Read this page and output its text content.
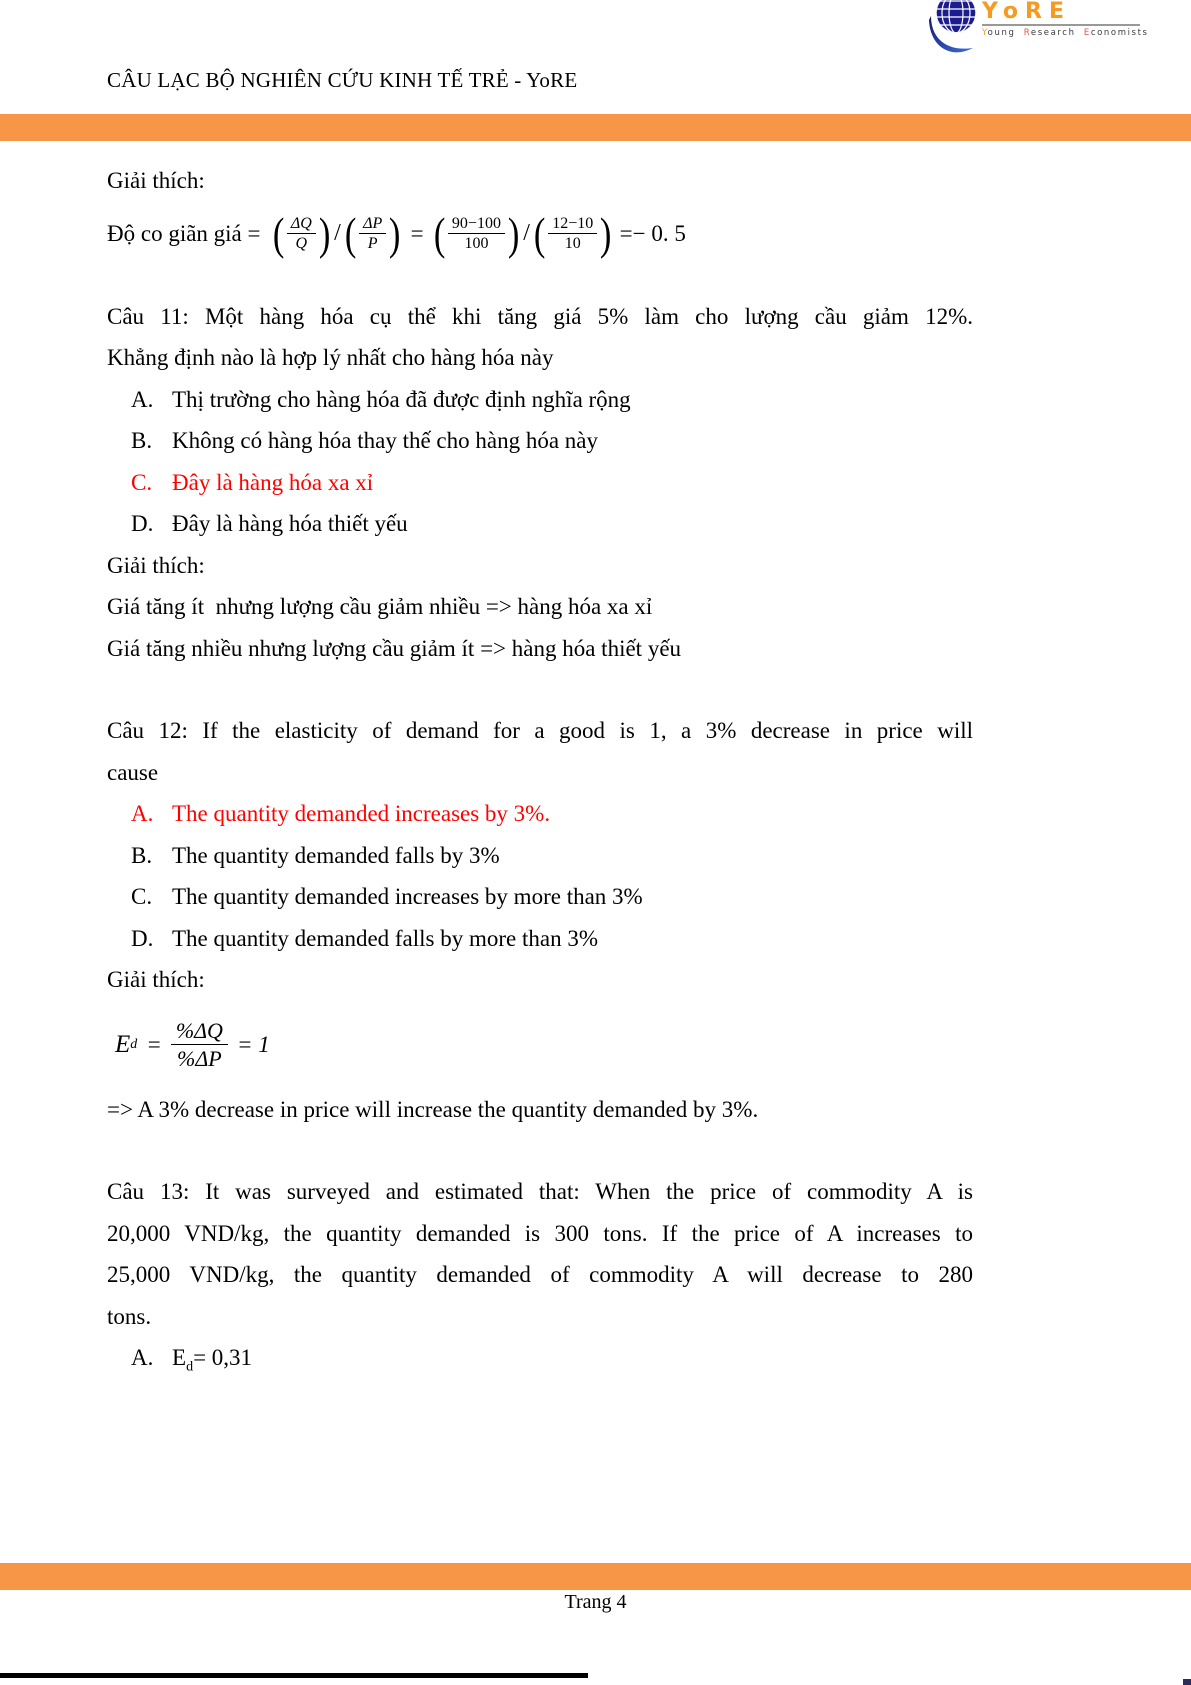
CÂU LẠC BỘ NGHIÊN CỨU KINH TẾ TRẺ - YoRE
YoRE
Young Research Economists
Giải thích:
Độ co giãn giá = ( $\frac{\Delta Q}{Q}$ ) / ( $\frac{\Delta P}{P}$ ) = ( $\frac{90-100}{100}$ ) / ( $\frac{12-10}{10}$ ) =− 0. 5
Câu 11: Một hàng hóa cụ thể khi tăng giá 5% làm cho lượng cầu giảm 12%.
Khẳng định nào là hợp lý nhất cho hàng hóa này
A. Thị trường cho hàng hóa đã được định nghĩa rộng
B. Không có hàng hóa thay thế cho hàng hóa này
C. Đây là hàng hóa xa xỉ
D. Đây là hàng hóa thiết yếu
Giải thích:
Giá tăng ít  nhưng lượng cầu giảm nhiều => hàng hóa xa xỉ
Giá tăng nhiều nhưng lượng cầu giảm ít => hàng hóa thiết yếu
Câu 12: If the elasticity of demand for a good is 1, a 3% decrease in price will
cause
A. The quantity demanded increases by 3%.
B. The quantity demanded falls by 3%
C. The quantity demanded increases by more than 3%
D. The quantity demanded falls by more than 3%
Giải thích:
E $d = \frac{\%\Delta Q}{\%\Delta P} = 1$
=> A 3% decrease in price will increase the quantity demanded by 3%.
Câu 13: It was surveyed and estimated that: When the price of commodity A is
20,000 VND/kg, the quantity demanded is 300 tons. If the price of A increases to
25,000 VND/kg, the quantity demanded of commodity A will decrease to 280
tons.
A. $E_d= 0,31$
Trang 4
